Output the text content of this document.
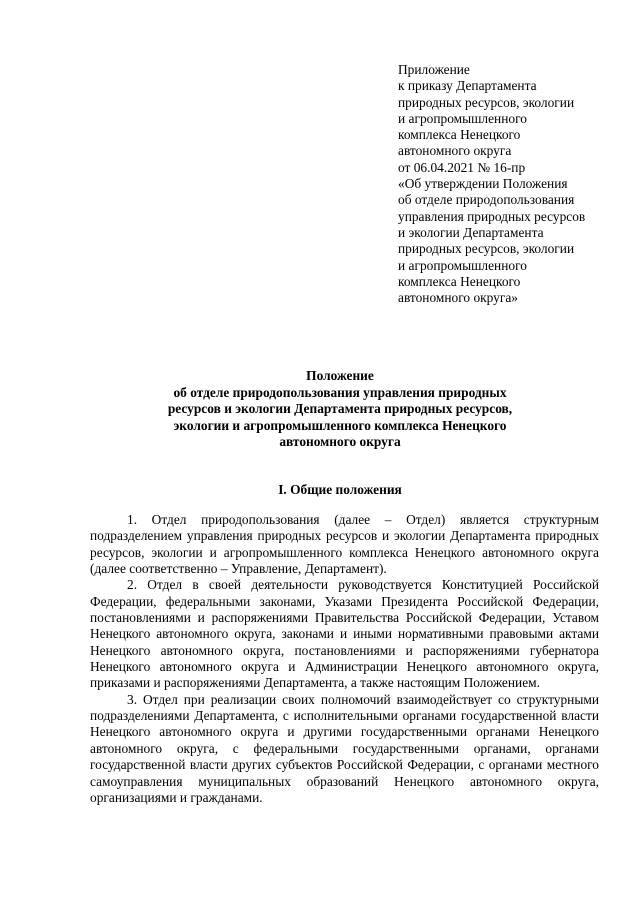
Приложение
к приказу Департамента
природных ресурсов, экологии
и агропромышленного
комплекса Ненецкого
автономного округа
от 06.04.2021 № 16-пр
«Об утверждении Положения
об отделе природопользования
управления природных ресурсов
и экологии Департамента
природных ресурсов, экологии
и агропромышленного
комплекса Ненецкого
автономного округа»
Положение
об отделе природопользования управления природных
ресурсов и экологии Департамента природных ресурсов,
экологии и агропромышленного комплекса Ненецкого
автономного округа
I. Общие положения

1. Отдел природопользования (далее – Отдел) является структурным подразделением управления природных ресурсов и экологии Департамента природных ресурсов, экологии и агропромышленного комплекса Ненецкого автономного округа (далее соответственно – Управление, Департамент).

2. Отдел в своей деятельности руководствуется Конституцией Российской Федерации, федеральными законами, Указами Президента Российской Федерации, постановлениями и распоряжениями Правительства Российской Федерации, Уставом Ненецкого автономного округа, законами и иными нормативными правовыми актами Ненецкого автономного округа, постановлениями и распоряжениями губернатора Ненецкого автономного округа и Администрации Ненецкого автономного округа, приказами и распоряжениями Департамента, а также настоящим Положением.

3. Отдел при реализации своих полномочий взаимодействует со структурными подразделениями Департамента, с исполнительными органами государственной власти Ненецкого автономного округа и другими государственными органами Ненецкого автономного округа, с федеральными государственными органами, органами государственной власти других субъектов Российской Федерации, с органами местного самоуправления муниципальных образований Ненецкого автономного округа, организациями и гражданами.
